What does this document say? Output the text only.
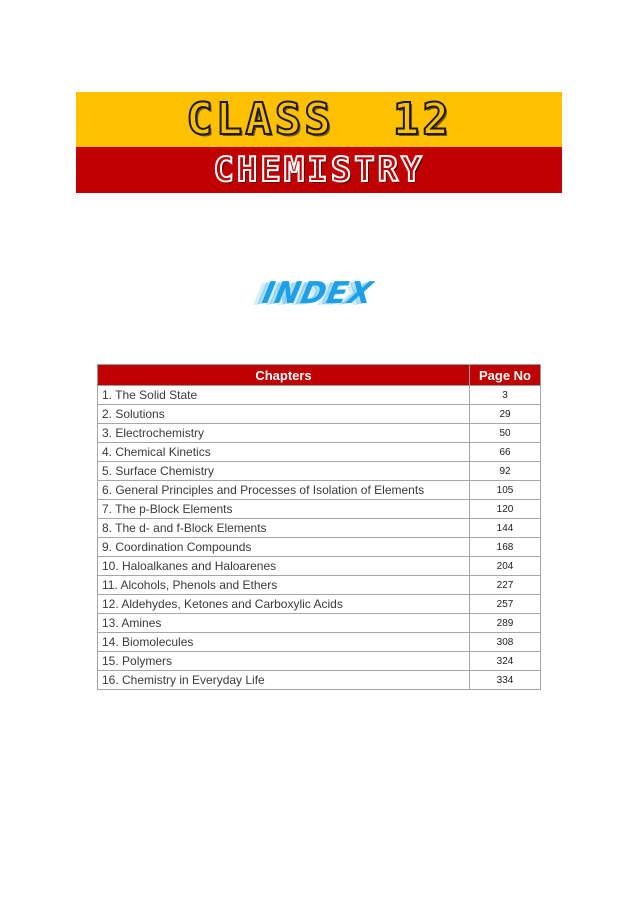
CLASS  12
CHEMISTRY
INDEX
Chapters	Page No
1. The Solid State	3
2. Solutions	29
3. Electrochemistry	50
4. Chemical Kinetics	66
5. Surface Chemistry	92
6. General Principles and Processes of Isolation of Elements	105
7. The p-Block Elements	120
8. The d- and f-Block Elements	144
9. Coordination Compounds	168
10. Haloalkanes and Haloarenes	204
11. Alcohols, Phenols and Ethers	227
12. Aldehydes, Ketones and Carboxylic Acids	257
13. Amines	289
14. Biomolecules	308
15. Polymers	324
16. Chemistry in Everyday Life	334
